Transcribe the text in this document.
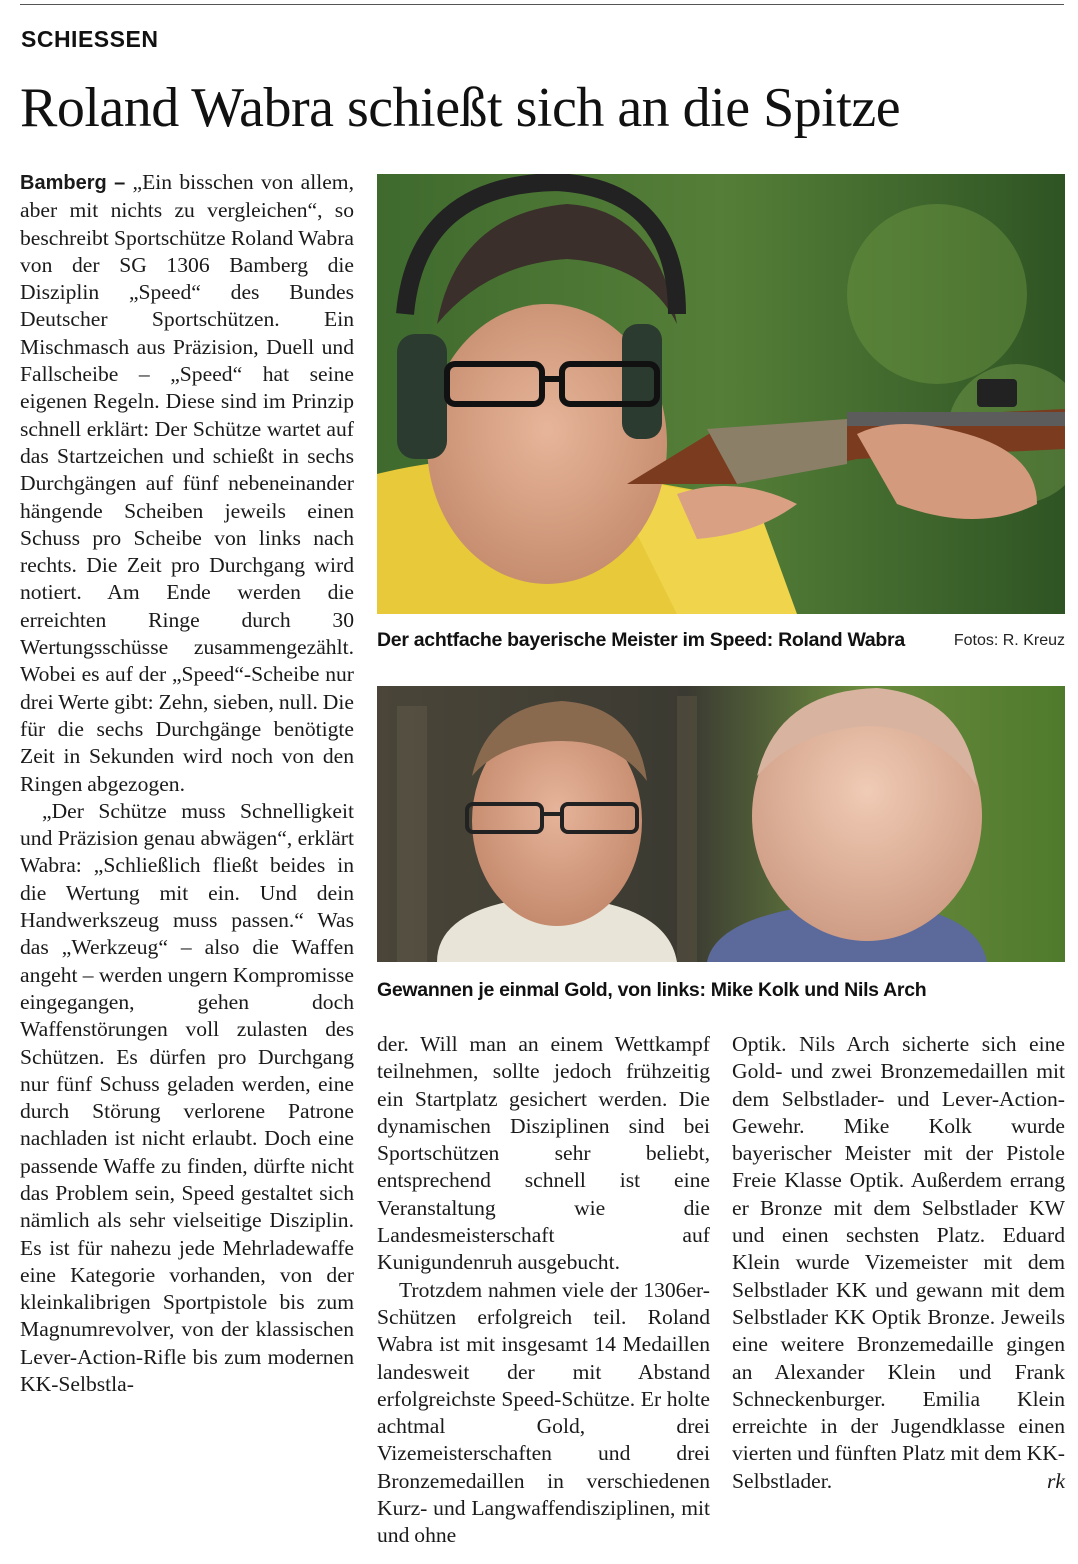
SCHIESSEN
Roland Wabra schießt sich an die Spitze

Bamberg – „Ein bisschen von allem, aber mit nichts zu vergleichen“, so beschreibt Sportschütze Roland Wabra von der SG 1306 Bamberg die Disziplin „Speed“ des Bundes Deutscher Sportschützen. Ein Mischmasch aus Präzision, Duell und Fallscheibe – „Speed“ hat seine eigenen Regeln. Diese sind im Prinzip schnell erklärt: Der Schütze wartet auf das Startzeichen und schießt in sechs Durchgängen auf fünf nebeneinander hängende Scheiben jeweils einen Schuss pro Scheibe von links nach rechts. Die Zeit pro Durchgang wird notiert. Am Ende werden die erreichten Ringe durch 30 Wertungsschüsse zusammengezählt. Wobei es auf der „Speed“-Scheibe nur drei Werte gibt: Zehn, sieben, null. Die für die sechs Durchgänge benötigte Zeit in Sekunden wird noch von den Ringen abgezogen.

„Der Schütze muss Schnelligkeit und Präzision genau abwägen“, erklärt Wabra: „Schließlich fließt beides in die Wertung mit ein. Und dein Handwerkszeug muss passen.“ Was das „Werkzeug“ – also die Waffen angeht – werden ungern Kompromisse eingegangen, gehen doch Waffenstörungen voll zulasten des Schützen. Es dürfen pro Durchgang nur fünf Schuss geladen werden, eine durch Störung verlorene Patrone nachladen ist nicht erlaubt. Doch eine passende Waffe zu finden, dürfte nicht das Problem sein, Speed gestaltet sich nämlich als sehr vielseitige Disziplin. Es ist für nahezu jede Mehrladewaffe eine Kategorie vorhanden, von der kleinkalibrigen Sportpistole bis zum Magnumrevolver, von der klassischen Lever-Action-Rifle bis zum modernen KK-Selbstla-

Der achtfache bayerische Meister im Speed: Roland Wabra	Fotos: R. Kreuz
Gewannen je einmal Gold, von links: Mike Kolk und Nils Arch

der. Will man an einem Wettkampf teilnehmen, sollte jedoch frühzeitig ein Startplatz gesichert werden. Die dynamischen Disziplinen sind bei Sportschützen sehr beliebt, entsprechend schnell ist eine Veranstaltung wie die Landesmeisterschaft auf Kunigundenruh ausgebucht.

Trotzdem nahmen viele der 1306er-Schützen erfolgreich teil. Roland Wabra ist mit insgesamt 14 Medaillen landesweit der mit Abstand erfolgreichste Speed-Schütze. Er holte achtmal Gold, drei Vizemeisterschaften und drei Bronzemedaillen in verschiedenen Kurz- und Langwaffendisziplinen, mit und ohne

Optik. Nils Arch sicherte sich eine Gold- und zwei Bronzemedaillen mit dem Selbstlader- und Lever-Action-Gewehr. Mike Kolk wurde bayerischer Meister mit der Pistole Freie Klasse Optik. Außerdem errang er Bronze mit dem Selbstlader KW und einen sechsten Platz. Eduard Klein wurde Vizemeister mit dem Selbstlader KK und gewann mit dem Selbstlader KK Optik Bronze. Jeweils eine weitere Bronzemedaille gingen an Alexander Klein und Frank Schneckenburger. Emilia Klein erreichte in der Jugendklasse einen vierten und fünften Platz mit dem KK-Selbstlader.	rk
